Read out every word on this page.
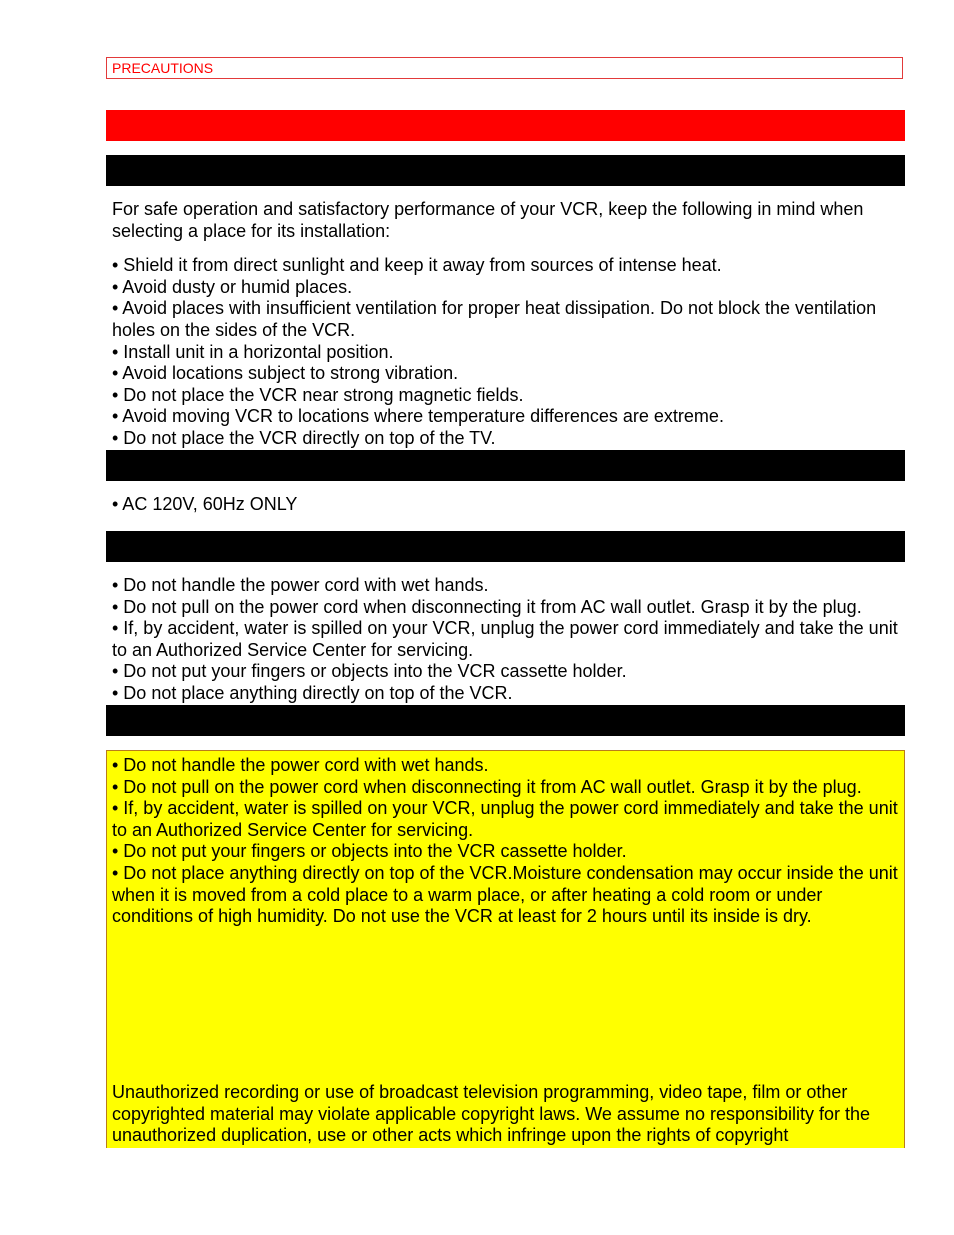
PRECAUTIONS

For safe operation and satisfactory performance of your VCR, keep the following in mind when selecting a place for its installation:

• Shield it from direct sunlight and keep it away from sources of intense heat.

• Avoid dusty or humid places.

• Avoid places with insufficient ventilation for proper heat dissipation. Do not block the ventilation holes on the sides of the VCR.

• Install unit in a horizontal position.

• Avoid locations subject to strong vibration.

• Do not place the VCR near strong magnetic fields.

• Avoid moving VCR to locations where temperature differences are extreme.

• Do not place the VCR directly on top of the TV.

• AC 120V, 60Hz ONLY

• Do not handle the power cord with wet hands.

• Do not pull on the power cord when disconnecting it from AC wall outlet. Grasp it by the plug.

• If, by accident, water is spilled on your VCR, unplug the power cord immediately and take the unit to an Authorized Service Center for servicing.

• Do not put your fingers or objects into the VCR cassette holder.

• Do not place anything directly on top of the VCR.

• Do not handle the power cord with wet hands.

• Do not pull on the power cord when disconnecting it from AC wall outlet. Grasp it by the plug.

• If, by accident, water is spilled on your VCR, unplug the power cord immediately and take the unit to an Authorized Service Center for servicing.

• Do not put your fingers or objects into the VCR cassette holder.

• Do not place anything directly on top of the VCR.Moisture condensation may occur inside the unit when it is moved from a cold place to a warm place, or after heating a cold room or under conditions of high humidity. Do not use the VCR at least for 2 hours until its inside is dry.

Unauthorized recording or use of broadcast television programming, video tape, film or other copyrighted material may violate applicable copyright laws. We assume no responsibility for the unauthorized duplication, use or other acts which infringe upon the rights of copyright
